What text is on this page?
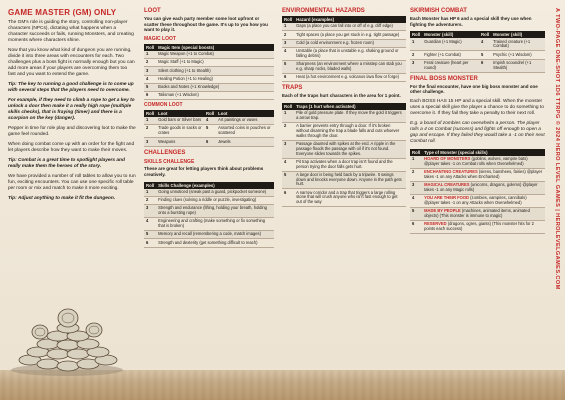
GAME MASTER (GM) ONLY

The GM's role is guiding the story, controlling non-player characters (NPCs), dictating what happens when a character succeeds or fails, running Monsters, and creating moments where characters shine.

Now that you know what kind of dungeon you are running, divide it into three areas with encounters for each. Two challenges plus a boss fight is normally enough but you can add more areas if your players are overcoming them too fast and you want to extend the game.

Tip: The key to running a good challenge is to come up with several steps that the players need to overcome.

For example, if they need to climb a rope to get a key to unlock a door then make it a really high rope (multiple skills checks), that is fraying (timer) and there is a scorpion on the key (danger).

Pepper in time for role play and discovering loot to make the game feel rounded.

When doing combat come up with an order for the fight and let players describe how they want to make their moves.

Tip: Combat is a great time to spotlight players and really make them the heroes of the story.

We have provided a number of roll tables to allow you to run fun, exciting encounters. You can use one specific roll table per room or mix and match to make it more exciting.

Tip: Adjust anything to make it fit the dungeon.

LOOT

You can give each party member some loot upfront or scatter these throughout the game. It's up to you how you want to play it.

MAGIC LOOT
Roll	Magic Item (special boosts)
1	Magic Weapon (+1 to Combat)
2	Magic Staff (+1 to Magic)
3	Silent clothing (+1 to Stealth)
4	Healing Potion (+1 to Healing)
5	Books and Notes (+1 Knowledge)
6	Talisman (+1 Wisdom)
COMMON LOOT
Roll	Loot	Roll	Loot
1	Gold bars or Silver bars	4	Art paintings or vases
2	Trade goods in sacks or crates	5	Assorted coins in pouches or scattered
3	Weapons	6	Jewels
CHALLENGES
SKILLS CHALLENGE

These are great for letting players think about problems creatively.

Roll	Skills Challenge (examples)
1	Going unnoticed (sneak past a guard, pickpocket someone)
2	Finding clues (solving a riddle or puzzle, investigating)
3	Strength and endurance (lifting, holding your breath, holding onto a bursting rope)
4	Engineering and crafting (make something or fix something that is broken)
5	Memory and recall (remembering a code, match images)
6	Strength and dexterity (get something difficult to reach)
ENVIRONMENTAL HAZARDS
Roll	Hazard (examples)
1	Gaps (a place you can fall into or off of e.g. cliff edge)
2	Tight spaces (a place you get stuck in e.g. tight passage)
3	Cold (a cold environment e.g. frozen room)
4	Unstable (a place that is unstable e.g. shaking ground or falling debris)
5	Sharpness (an environment where a misstep can stab you e.g. sharp rocks, bladed walls)
6	Heat (a hot environment e.g. volcanos lava flow or forge)
TRAPS

Each of the traps hurt characters in the area for 1 point.

Roll	Traps (1 hurt when activated)
1	Pile of gold pressure plate. If they move the gold it triggers a arrow trap.
2	A barrier prevents entry through a door. If it's broken without disarming the trap a blade falls and cuts whoever walks through the door.
3	Passage daunted with spikes at the end. A ripple in the passage floods the passage with oil if it's not found. Everyone slides towards the spikes.
4	Pit trap activates when a door trap isn't found and the person trying the door falls gets hurt.
5	A large door is being held back by a tripwire. It swings down and knocks everyone down. Anyone in the path gets hurt.
6	A narrow corridor and a trap that triggers a large rolling stone that will crush anyone who isn't fast enough to get out of the way
SKIRMISH COMBAT

Each Monster has HP 6 and a special skill they use when fighting the adventurers.

Roll	Monster (skill)	Roll	Monster (skill)
1	Guardian (+1 Magic)	4	Trained creature (+1 Combat)
2	Fighter (+1 Combat)	5	Psychic (+1 Wisdom)
3	Feral creature (heart per round)	6	Impish scoundrel (+1 Stealth)
FINAL BOSS MONSTER

For the final encounter, have one big boss monster and one other challenge.

Each BOSS HAS 15 HP and a special skill. When the monster uses a special skill give the player a chance to do something to overcome it. If they fail they take a penalty to their next roll.

E.g. a board of zombies can overwhelm a person. The player rolls a 4 on Combat (success) and fights off enough to open a gap and escape. If they failed they would take a -1 on their next Combat roll.

Roll	Type of Monster (special skills)
1	HOARD OF MONSTERS (goblins, wolves, vampire bats) @player takes -1 on Combat rolls when Overwhelmed)
2	ENCHANTING CREATURES (sirens, banshees, fairies) @player takes -1 on any Attacks when Enchanted)
3	MAGICAL CREATURES (unicorns, dragons, golems) @player takes -1 on any Magic rolls)
4	YOU ARE THEIR FOOD (zombies, vampires, cannibals) @player takes -1 on any Attacks when Overwhelmed)
5	MADE BY PEOPLE (machines, animated items, animated objects) (This monster is immune to magic)
6	RESERVED (dragons, ogres, giants) (This monster hits for 2 points each success)	A TWO-PAGE ONE-SHOT 1D6 TTRPG © 2024 HERO LEVEL GAMES | HEROLEVELGAMES.COM
